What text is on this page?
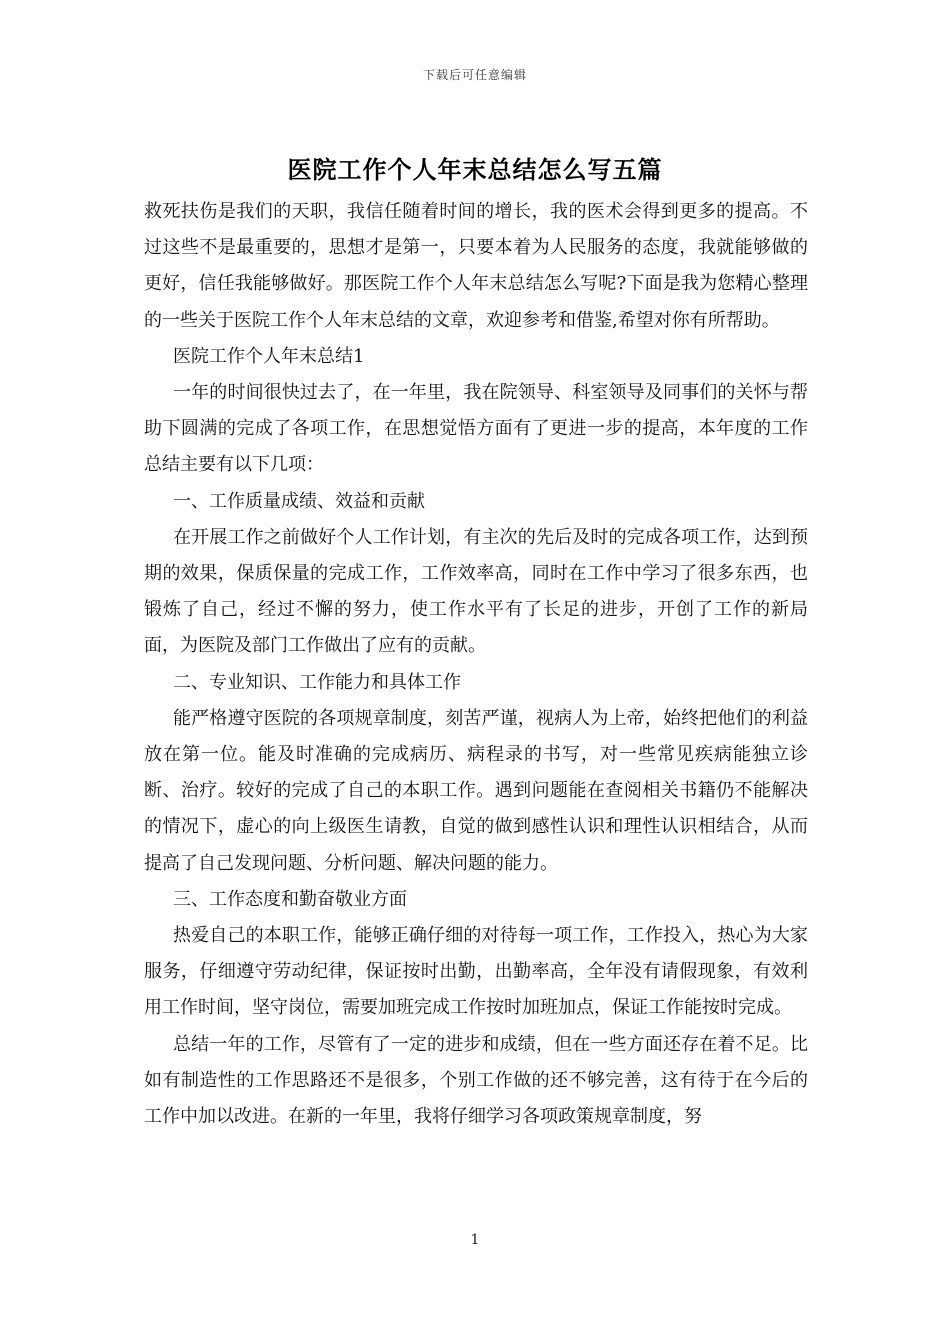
下载后可任意编辑
医院工作个人年末总结怎么写五篇

救死扶伤是我们的天职，我信任随着时间的增长，我的医术会得到更多的提高。不过这些不是最重要的，思想才是第一，只要本着为人民服务的态度，我就能够做的更好，信任我能够做好。那医院工作个人年末总结怎么写呢?下面是我为您精心整理的一些关于医院工作个人年末总结的文章，欢迎参考和借鉴,希望对你有所帮助。

医院工作个人年末总结1

一年的时间很快过去了，在一年里，我在院领导、科室领导及同事们的关怀与帮助下圆满的完成了各项工作，在思想觉悟方面有了更进一步的提高，本年度的工作总结主要有以下几项：

一、工作质量成绩、效益和贡献

在开展工作之前做好个人工作计划，有主次的先后及时的完成各项工作，达到预期的效果，保质保量的完成工作，工作效率高，同时在工作中学习了很多东西，也锻炼了自己，经过不懈的努力，使工作水平有了长足的进步，开创了工作的新局面，为医院及部门工作做出了应有的贡献。

二、专业知识、工作能力和具体工作

能严格遵守医院的各项规章制度，刻苦严谨，视病人为上帝，始终把他们的利益放在第一位。能及时准确的完成病历、病程录的书写，对一些常见疾病能独立诊断、治疗。较好的完成了自己的本职工作。遇到问题能在查阅相关书籍仍不能解决的情况下，虚心的向上级医生请教，自觉的做到感性认识和理性认识相结合，从而提高了自己发现问题、分析问题、解决问题的能力。

三、工作态度和勤奋敬业方面

热爱自己的本职工作，能够正确仔细的对待每一项工作，工作投入，热心为大家服务，仔细遵守劳动纪律，保证按时出勤，出勤率高，全年没有请假现象，有效利用工作时间，坚守岗位，需要加班完成工作按时加班加点，保证工作能按时完成。

总结一年的工作，尽管有了一定的进步和成绩，但在一些方面还存在着不足。比如有制造性的工作思路还不是很多，个别工作做的还不够完善，这有待于在今后的工作中加以改进。在新的一年里，我将仔细学习各项政策规章制度，努

1
